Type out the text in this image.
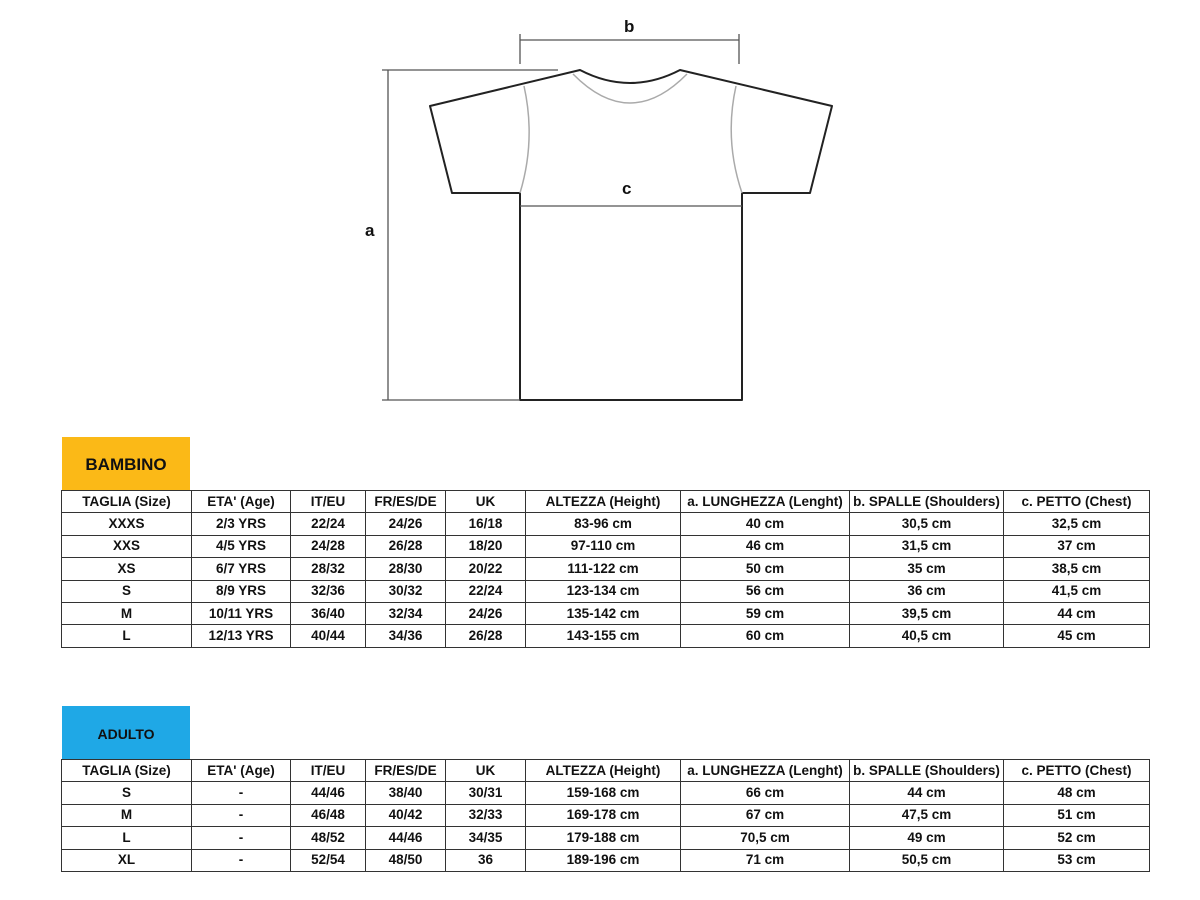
b
a
c
BAMBINO
TAGLIA (Size)	ETA' (Age)	IT/EU	FR/ES/DE	UK	ALTEZZA (Height)	a. LUNGHEZZA (Lenght)	b. SPALLE (Shoulders)	c. PETTO (Chest)
XXXS	2/3 YRS	22/24	24/26	16/18	83-96 cm	40 cm	30,5 cm	32,5 cm
XXS	4/5 YRS	24/28	26/28	18/20	97-110 cm	46 cm	31,5 cm	37 cm
XS	6/7 YRS	28/32	28/30	20/22	111-122 cm	50 cm	35 cm	38,5 cm
S	8/9 YRS	32/36	30/32	22/24	123-134 cm	56 cm	36 cm	41,5 cm
M	10/11 YRS	36/40	32/34	24/26	135-142 cm	59 cm	39,5 cm	44 cm
L	12/13 YRS	40/44	34/36	26/28	143-155 cm	60 cm	40,5 cm	45 cm
ADULTO
TAGLIA (Size)	ETA' (Age)	IT/EU	FR/ES/DE	UK	ALTEZZA (Height)	a. LUNGHEZZA (Lenght)	b. SPALLE (Shoulders)	c. PETTO (Chest)
S	-	44/46	38/40	30/31	159-168 cm	66 cm	44 cm	48 cm
M	-	46/48	40/42	32/33	169-178 cm	67 cm	47,5 cm	51 cm
L	-	48/52	44/46	34/35	179-188 cm	70,5 cm	49 cm	52 cm
XL	-	52/54	48/50	36	189-196 cm	71 cm	50,5 cm	53 cm
